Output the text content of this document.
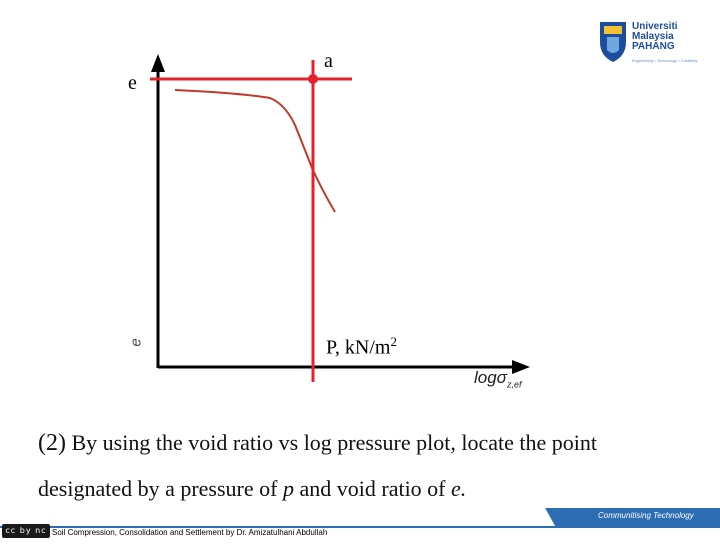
Universiti
Malaysia
PAHANG
Engineering • Technology • Creativity
e
a
P, $kN/m^2$
e
logσ$_{z,ef}$
(2) By using the void ratio vs log pressure plot, locate the point designated by a pressure of p and void ratio of e.
Communitising Technology
cc by nc sa
Soil Compression, Consolidation and Settlement by Dr. Amizatulhani Abdullah
